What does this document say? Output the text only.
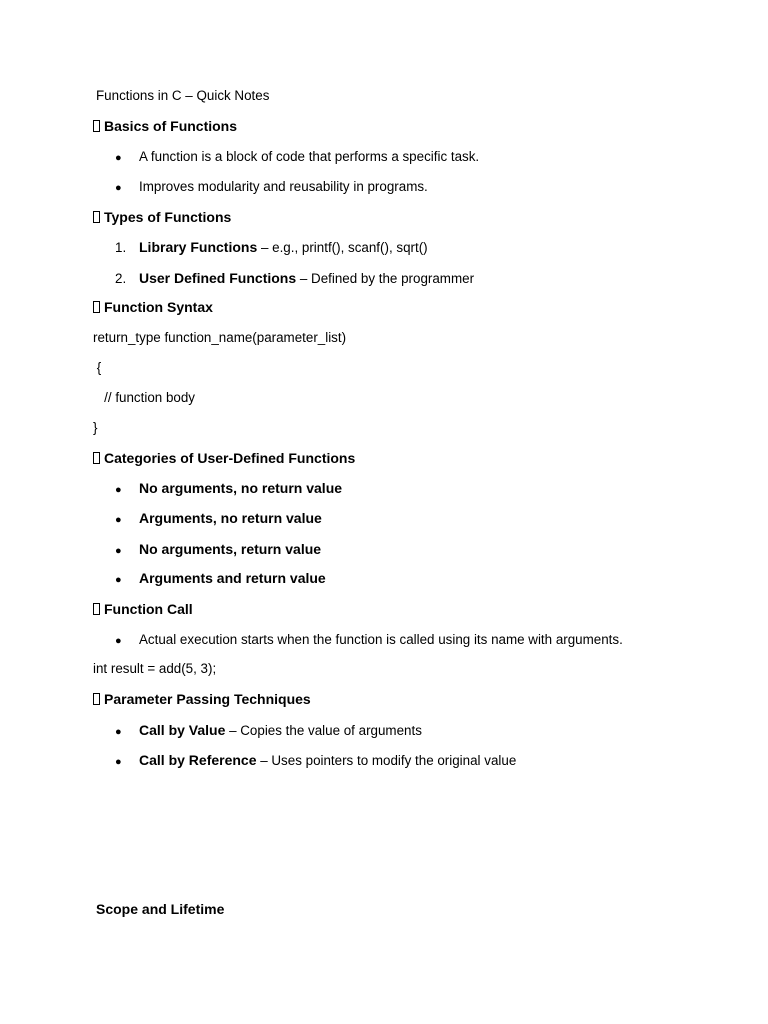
Functions in C – Quick Notes
Basics of Functions
● A function is a block of code that performs a specific task.
● Improves modularity and reusability in programs.
Types of Functions
1. Library Functions – e.g., printf(), scanf(), sqrt()
2. User Defined Functions – Defined by the programmer
Function Syntax
return_type function_name(parameter_list)
{
// function body
}
Categories of User-Defined Functions
● No arguments, no return value
● Arguments, no return value
● No arguments, return value
● Arguments and return value
Function Call
● Actual execution starts when the function is called using its name with arguments.
int result = add(5, 3);
Parameter Passing Techniques
● Call by Value – Copies the value of arguments
● Call by Reference – Uses pointers to modify the original value
Scope and Lifetime
